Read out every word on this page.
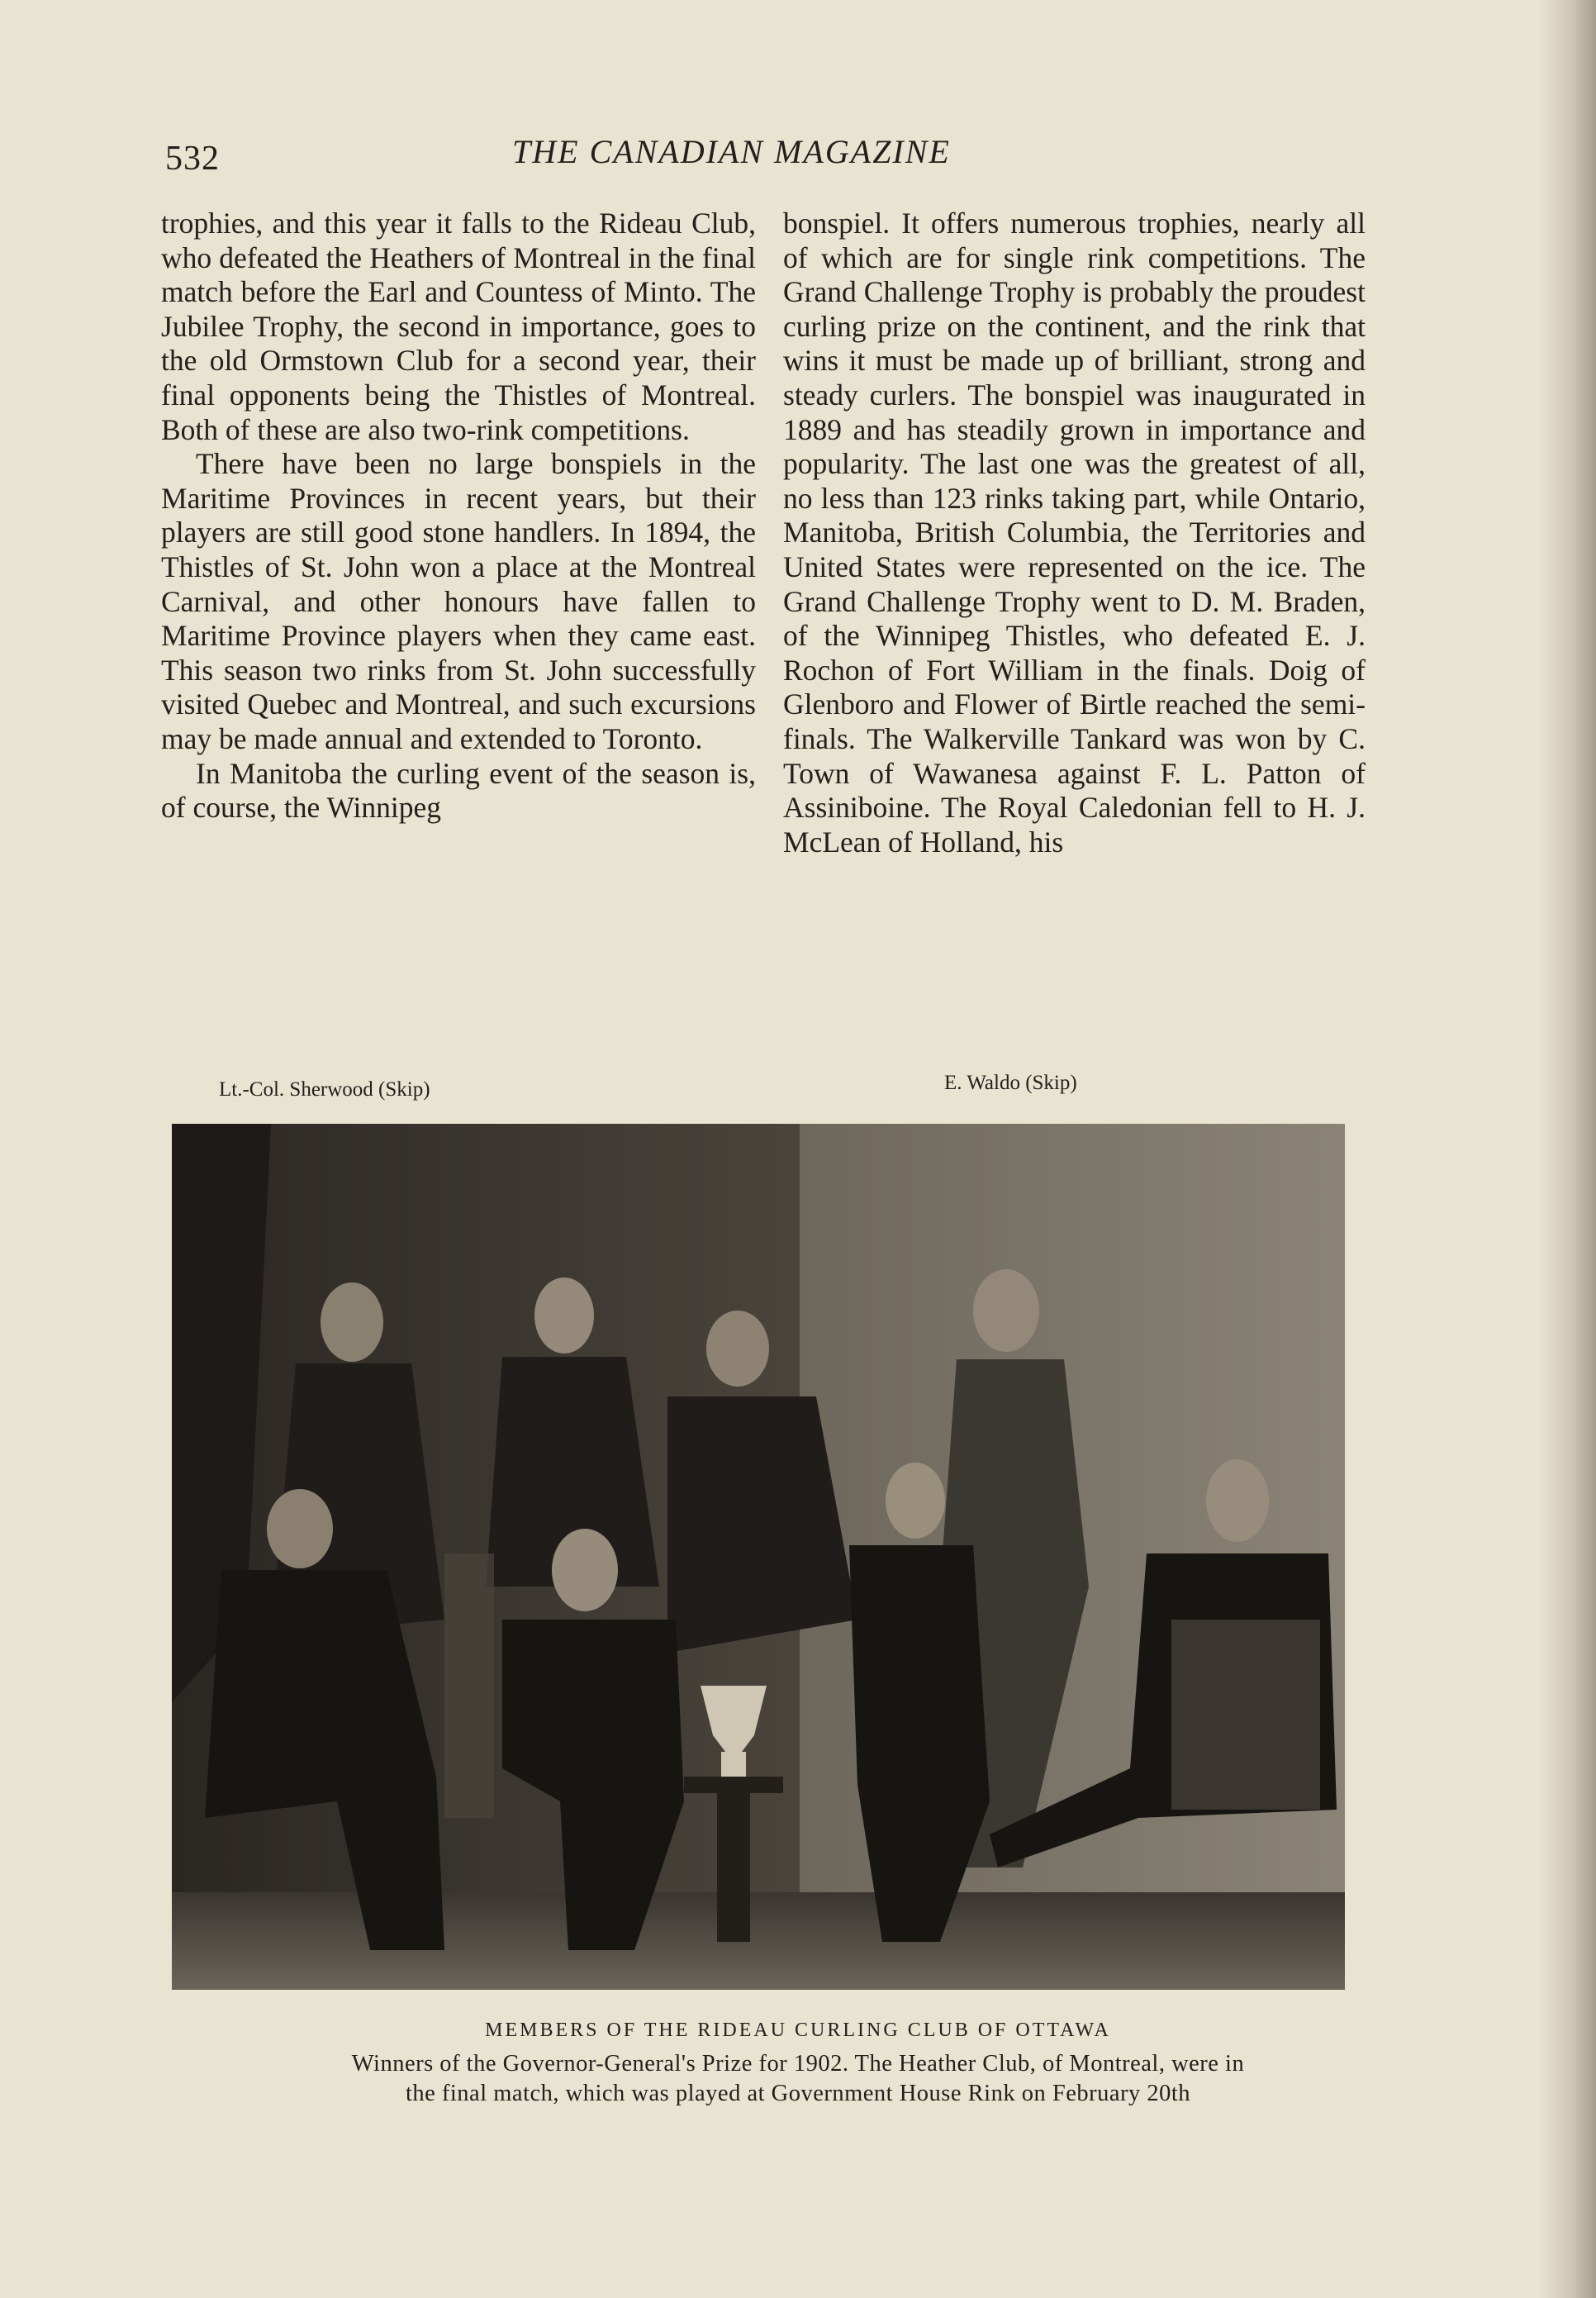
532	THE CANADIAN MAGAZINE

trophies, and this year it falls to the Rideau Club, who defeated the Heathers of Montreal in the final match before the Earl and Countess of Minto. The Jubilee Trophy, the second in importance, goes to the old Ormstown Club for a second year, their final opponents being the Thistles of Montreal. Both of these are also two-rink competitions.

There have been no large bonspiels in the Maritime Provinces in recent years, but their players are still good stone handlers. In 1894, the Thistles of St. John won a place at the Montreal Carnival, and other honours have fallen to Maritime Province players when they came east. This season two rinks from St. John successfully visited Quebec and Montreal, and such excursions may be made annual and extended to Toronto.

In Manitoba the curling event of the season is, of course, the Winnipeg

bonspiel. It offers numerous trophies, nearly all of which are for single rink competitions. The Grand Challenge Trophy is probably the proudest curling prize on the continent, and the rink that wins it must be made up of brilliant, strong and steady curlers. The bonspiel was inaugurated in 1889 and has steadily grown in importance and popularity. The last one was the greatest of all, no less than 123 rinks taking part, while Ontario, Manitoba, British Columbia, the Territories and United States were represented on the ice. The Grand Challenge Trophy went to D. M. Braden, of the Winnipeg Thistles, who defeated E. J. Rochon of Fort William in the finals. Doig of Glenboro and Flower of Birtle reached the semi-finals. The Walkerville Tankard was won by C. Town of Wawanesa against F. L. Patton of Assiniboine. The Royal Caledonian fell to H. J. McLean of Holland, his

Lt.-Col. Sherwood (Skip)	E. Waldo (Skip)
MEMBERS OF THE RIDEAU CURLING CLUB OF OTTAWA
Winners of the Governor-General's Prize for 1902. The Heather Club, of Montreal, were in
the final match, which was played at Government House Rink on February 20th
